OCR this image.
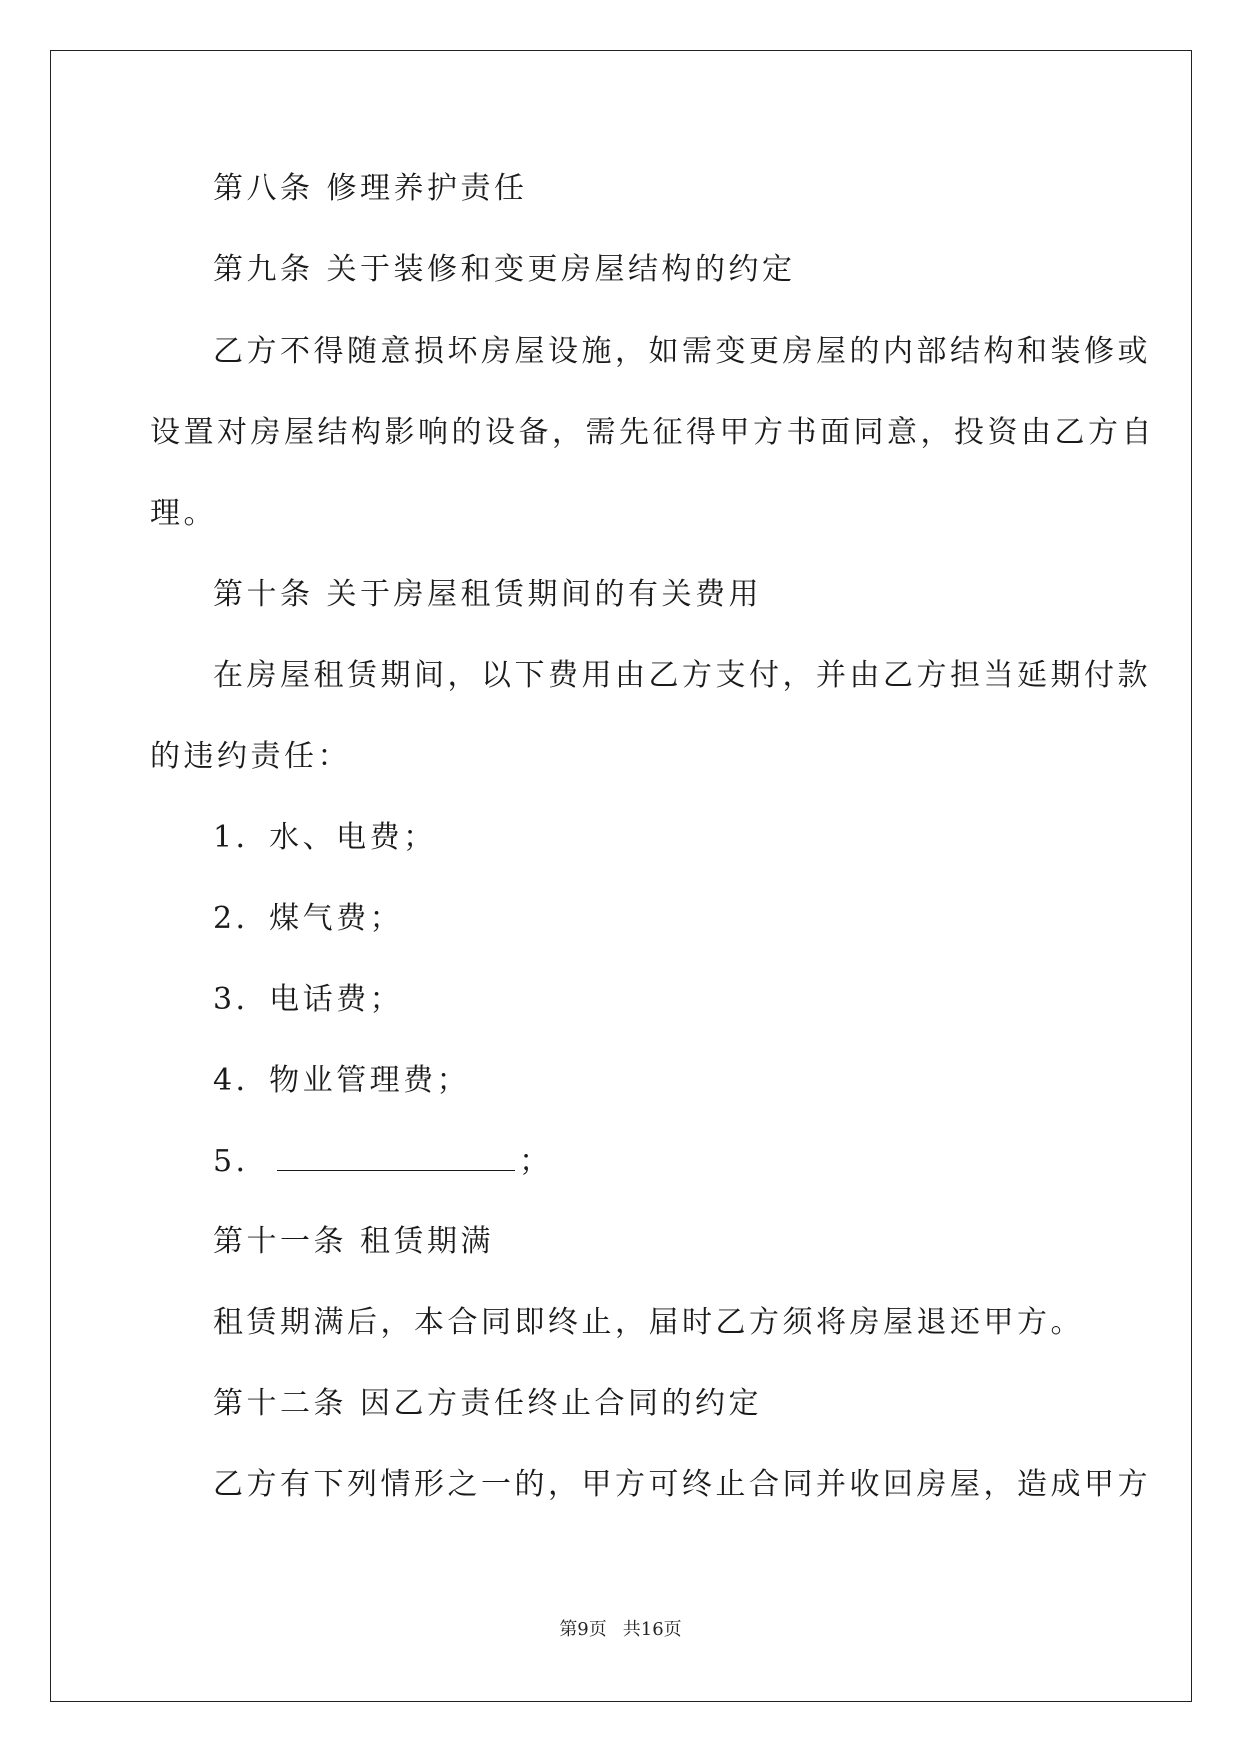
第八条 修理养护责任

第九条 关于装修和变更房屋结构的约定

乙方不得随意损坏房屋设施，如需变更房屋的内部结构和装修或

设置对房屋结构影响的设备，需先征得甲方书面同意，投资由乙方自

理。

第十条 关于房屋租赁期间的有关费用

在房屋租赁期间，以下费用由乙方支付，并由乙方担当延期付款

的违约责任：

1．水、电费；

2．煤气费；

3．电话费；

4．物业管理费；

5．	；

第十一条 租赁期满

租赁期满后，本合同即终止，届时乙方须将房屋退还甲方。

第十二条 因乙方责任终止合同的约定

乙方有下列情形之一的，甲方可终止合同并收回房屋，造成甲方

第9页 共16页
